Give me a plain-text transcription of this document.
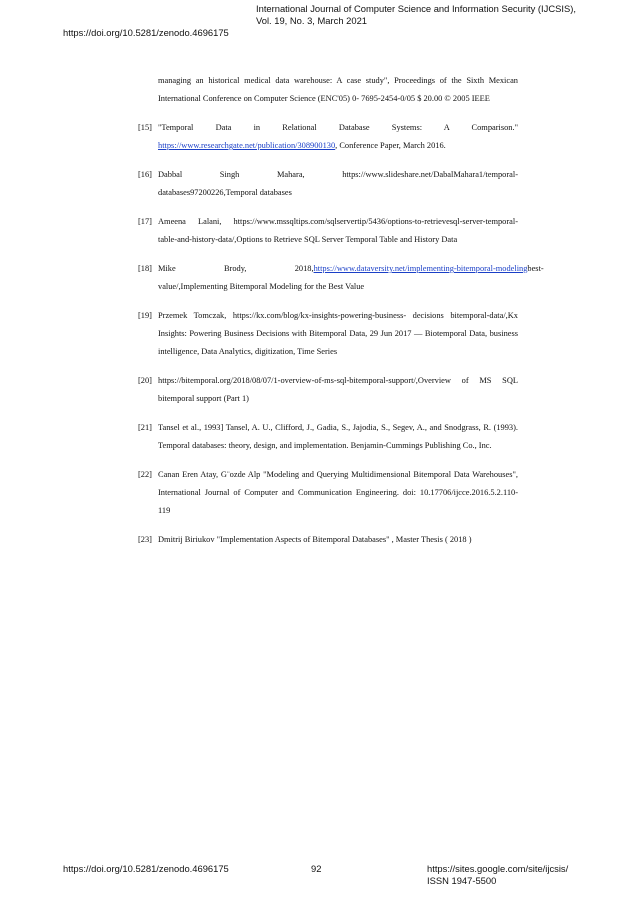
https://doi.org/10.5281/zenodo.4696175
International Journal of Computer Science and Information Security (IJCSIS),
Vol. 19, No. 3, March 2021
managing an historical medical data warehouse: A case study", Proceedings of the Sixth Mexican
International Conference on Computer Science (ENC'05) 0- 7695-2454-0/05 $ 20.00 © 2005 IEEE
[15] "Temporal Data in Relational Database Systems: A Comparison."
https://www.researchgate.net/publication/308900130, Conference Paper, March 2016.
[16] Dabbal Singh Mahara, https://www.slideshare.net/DabalMahara1/temporal-
databases97200226,Temporal databases
[17] Ameena Lalani, https://www.mssqltips.com/sqlservertip/5436/options-to-retrievesql-server-temporal-
table-and-history-data/,Options to Retrieve SQL Server Temporal Table and History Data
[18] Mike   Brody,   2018, https://www.dataversity.net/implementing-bitemporal-modeling best-
value/,Implementing Bitemporal Modeling for the Best Value
[19] Przemek Tomczak, https://kx.com/blog/kx-insights-powering-business- decisions bitemporal-data/,Kx
Insights: Powering Business Decisions with Bitemporal Data, 29 Jun 2017 — Biotemporal Data, business
intelligence, Data Analytics, digitization, Time Series
[20] https://bitemporal.org/2018/08/07/1-overview-of-ms-sql-bitemporal-support/,Overview of MS SQL
bitemporal support (Part 1)
[21] Tansel et al., 1993] Tansel, A. U., Clifford, J., Gadia, S., Jajodia, S., Segev, A., and Snodgrass, R. (1993).
Temporal databases: theory, design, and implementation. Benjamin-Cummings Publishing Co., Inc.
[22] Canan Eren Atay, G¨ozde Alp "Modeling and Querying Multidimensional Bitemporal Data Warehouses",
International Journal of Computer and Communication Engineering. doi: 10.17706/ijcce.2016.5.2.110-
119
[23] Dmitrij Biriukov "Implementation Aspects of Bitemporal Databases" , Master Thesis ( 2018 )
https://doi.org/10.5281/zenodo.4696175	92	https://sites.google.com/site/ijcsis/
ISSN 1947-5500
